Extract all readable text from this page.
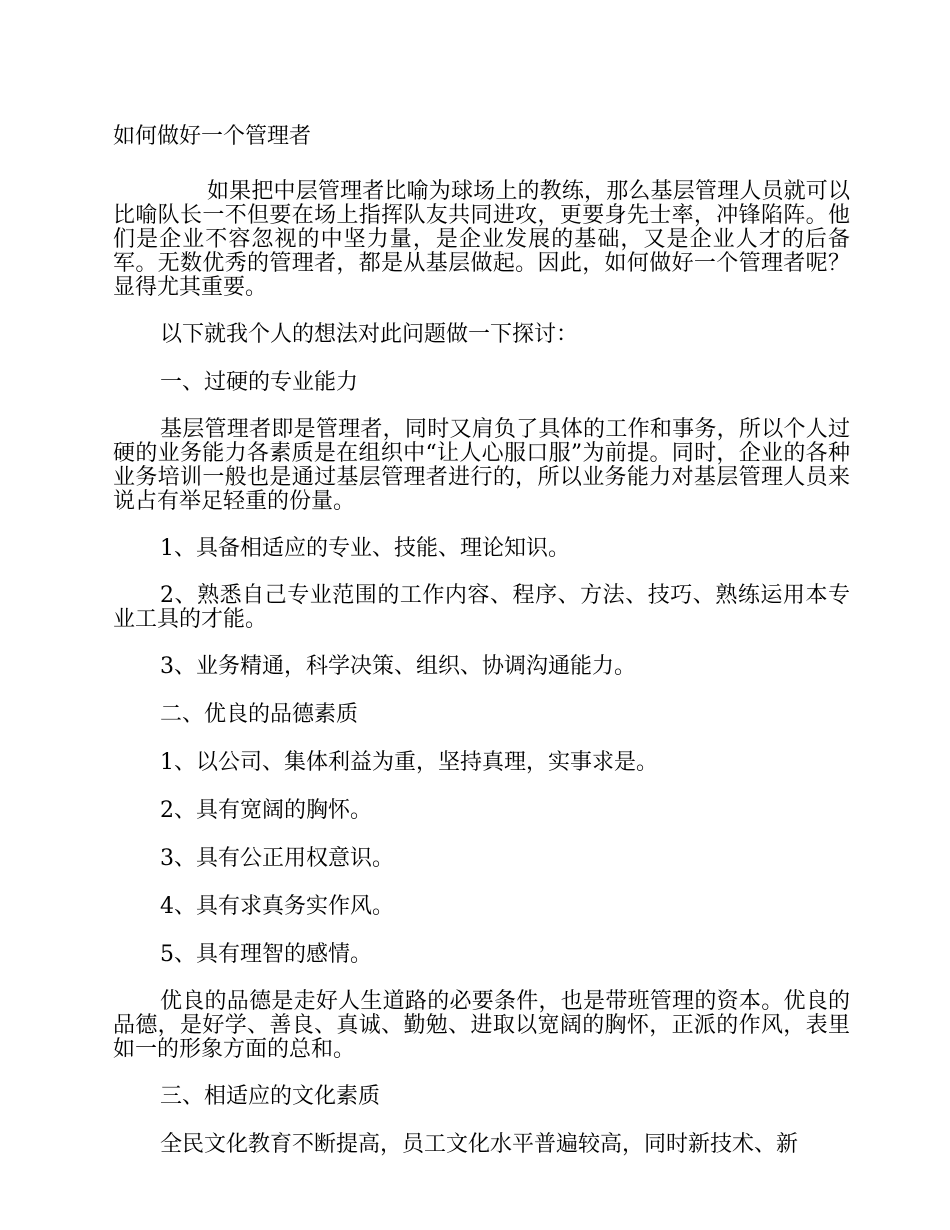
如何做好一个管理者

如果把中层管理者比喻为球场上的教练，那么基层管理人员就可以比喻队长一不但要在场上指挥队友共同进攻，更要身先士率，冲锋陷阵。他们是企业不容忽视的中坚力量，是企业发展的基础，又是企业人才的后备军。无数优秀的管理者，都是从基层做起。因此，如何做好一个管理者呢？显得尤其重要。

以下就我个人的想法对此问题做一下探讨：

一、过硬的专业能力

基层管理者即是管理者，同时又肩负了具体的工作和事务，所以个人过硬的业务能力各素质是在组织中“让人心服口服”为前提。同时，企业的各种业务培训一般也是通过基层管理者进行的，所以业务能力对基层管理人员来说占有举足轻重的份量。

1、具备相适应的专业、技能、理论知识。

2、熟悉自己专业范围的工作内容、程序、方法、技巧、熟练运用本专业工具的才能。

3、业务精通，科学决策、组织、协调沟通能力。

二、优良的品德素质

1、以公司、集体利益为重，坚持真理，实事求是。

2、具有宽阔的胸怀。

3、具有公正用权意识。

4、具有求真务实作风。

5、具有理智的感情。

优良的品德是走好人生道路的必要条件，也是带班管理的资本。优良的品德，是好学、善良、真诚、勤勉、进取以宽阔的胸怀，正派的作风，表里如一的形象方面的总和。

三、相适应的文化素质

全民文化教育不断提高，员工文化水平普遍较高，同时新技术、新
